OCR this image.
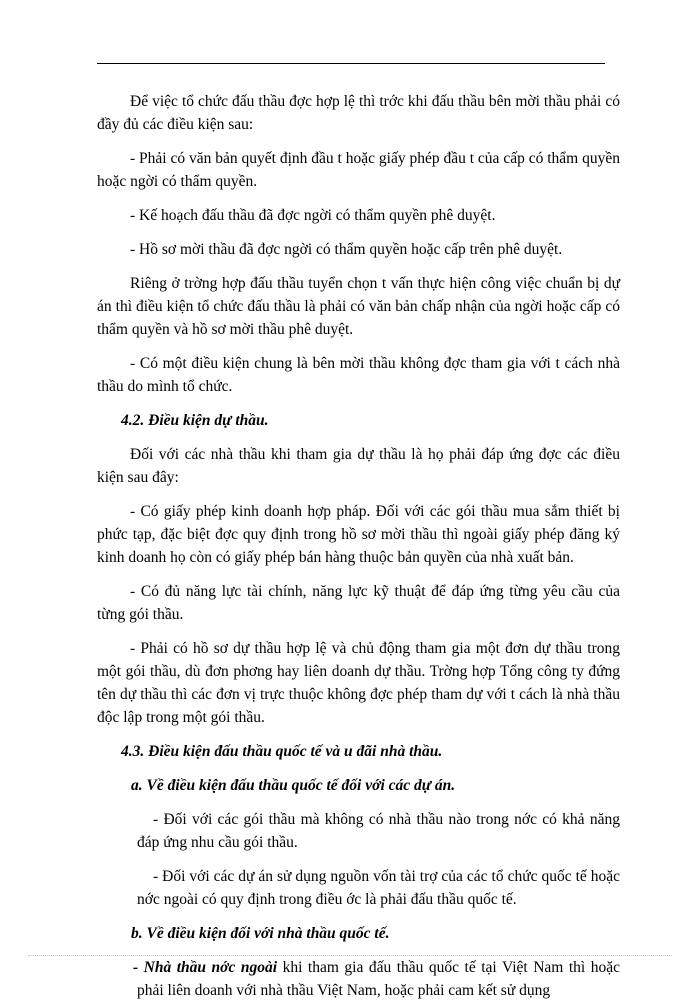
Để việc tổ chức đấu thầu đợc hợp lệ thì trớc khi đấu thầu bên mời thầu phải có đầy đủ các điều kiện sau:

- Phải có văn bản quyết định đầu t hoặc giấy phép đầu t của cấp có thẩm quyền hoặc ngời có thẩm quyền.

- Kế hoạch đấu thầu đã đợc ngời có thẩm quyền phê duyệt.

- Hồ sơ mời thầu đã đợc ngời có thẩm quyền hoặc cấp trên phê duyệt.

Riêng ở trờng hợp đấu thầu tuyển chọn t vấn thực hiện công việc chuẩn bị dự án thì điều kiện tổ chức đấu thầu là phải có văn bản chấp nhận của ngời hoặc cấp có thẩm quyền và hồ sơ mời thầu phê duyệt.

- Có một điều kiện chung là bên mời thầu không đợc tham gia với t cách nhà thầu do mình tổ chức.

4.2. Điều kiện dự thầu.

Đối với các nhà thầu khi tham gia dự thầu là họ phải đáp ứng đợc các điều kiện sau đây:

- Có giấy phép kinh doanh hợp pháp. Đối với các gói thầu mua sắm thiết bị phức tạp, đặc biệt đợc quy định trong hồ sơ mời thầu thì ngoài giấy phép đăng ký kinh doanh họ còn có giấy phép bán hàng thuộc bản quyền của nhà xuất bản.

- Có đủ năng lực tài chính, năng lực kỹ thuật để đáp ứng từng yêu cầu của từng gói thầu.

- Phải có hồ sơ dự thầu hợp lệ và chủ động tham gia một đơn dự thầu trong một gói thầu, dù đơn phơng hay liên doanh dự thầu. Trờng hợp Tổng công ty đứng tên dự thầu thì các đơn vị trực thuộc không đợc phép tham dự với t cách là nhà thầu độc lập trong một gói thầu.

4.3. Điều kiện đấu thầu quốc tế và u đãi nhà thầu.

a. Về điều kiện đấu thầu quốc tế đối với các dự án.

- Đối với các gói thầu mà không có nhà thầu nào trong nớc có khả năng đáp ứng nhu cầu gói thầu.

- Đối với các dự án sử dụng nguồn vốn tài trợ của các tổ chức quốc tế hoặc nớc ngoài có quy định trong điều ớc là phải đấu thầu quốc tế.

b. Về điều kiện đối với nhà thầu quốc tế.

- Nhà thầu nớc ngoài khi tham gia đấu thầu quốc tế tại Việt Nam thì hoặc phải liên doanh với nhà thầu Việt Nam, hoặc phải cam kết sử dụng
